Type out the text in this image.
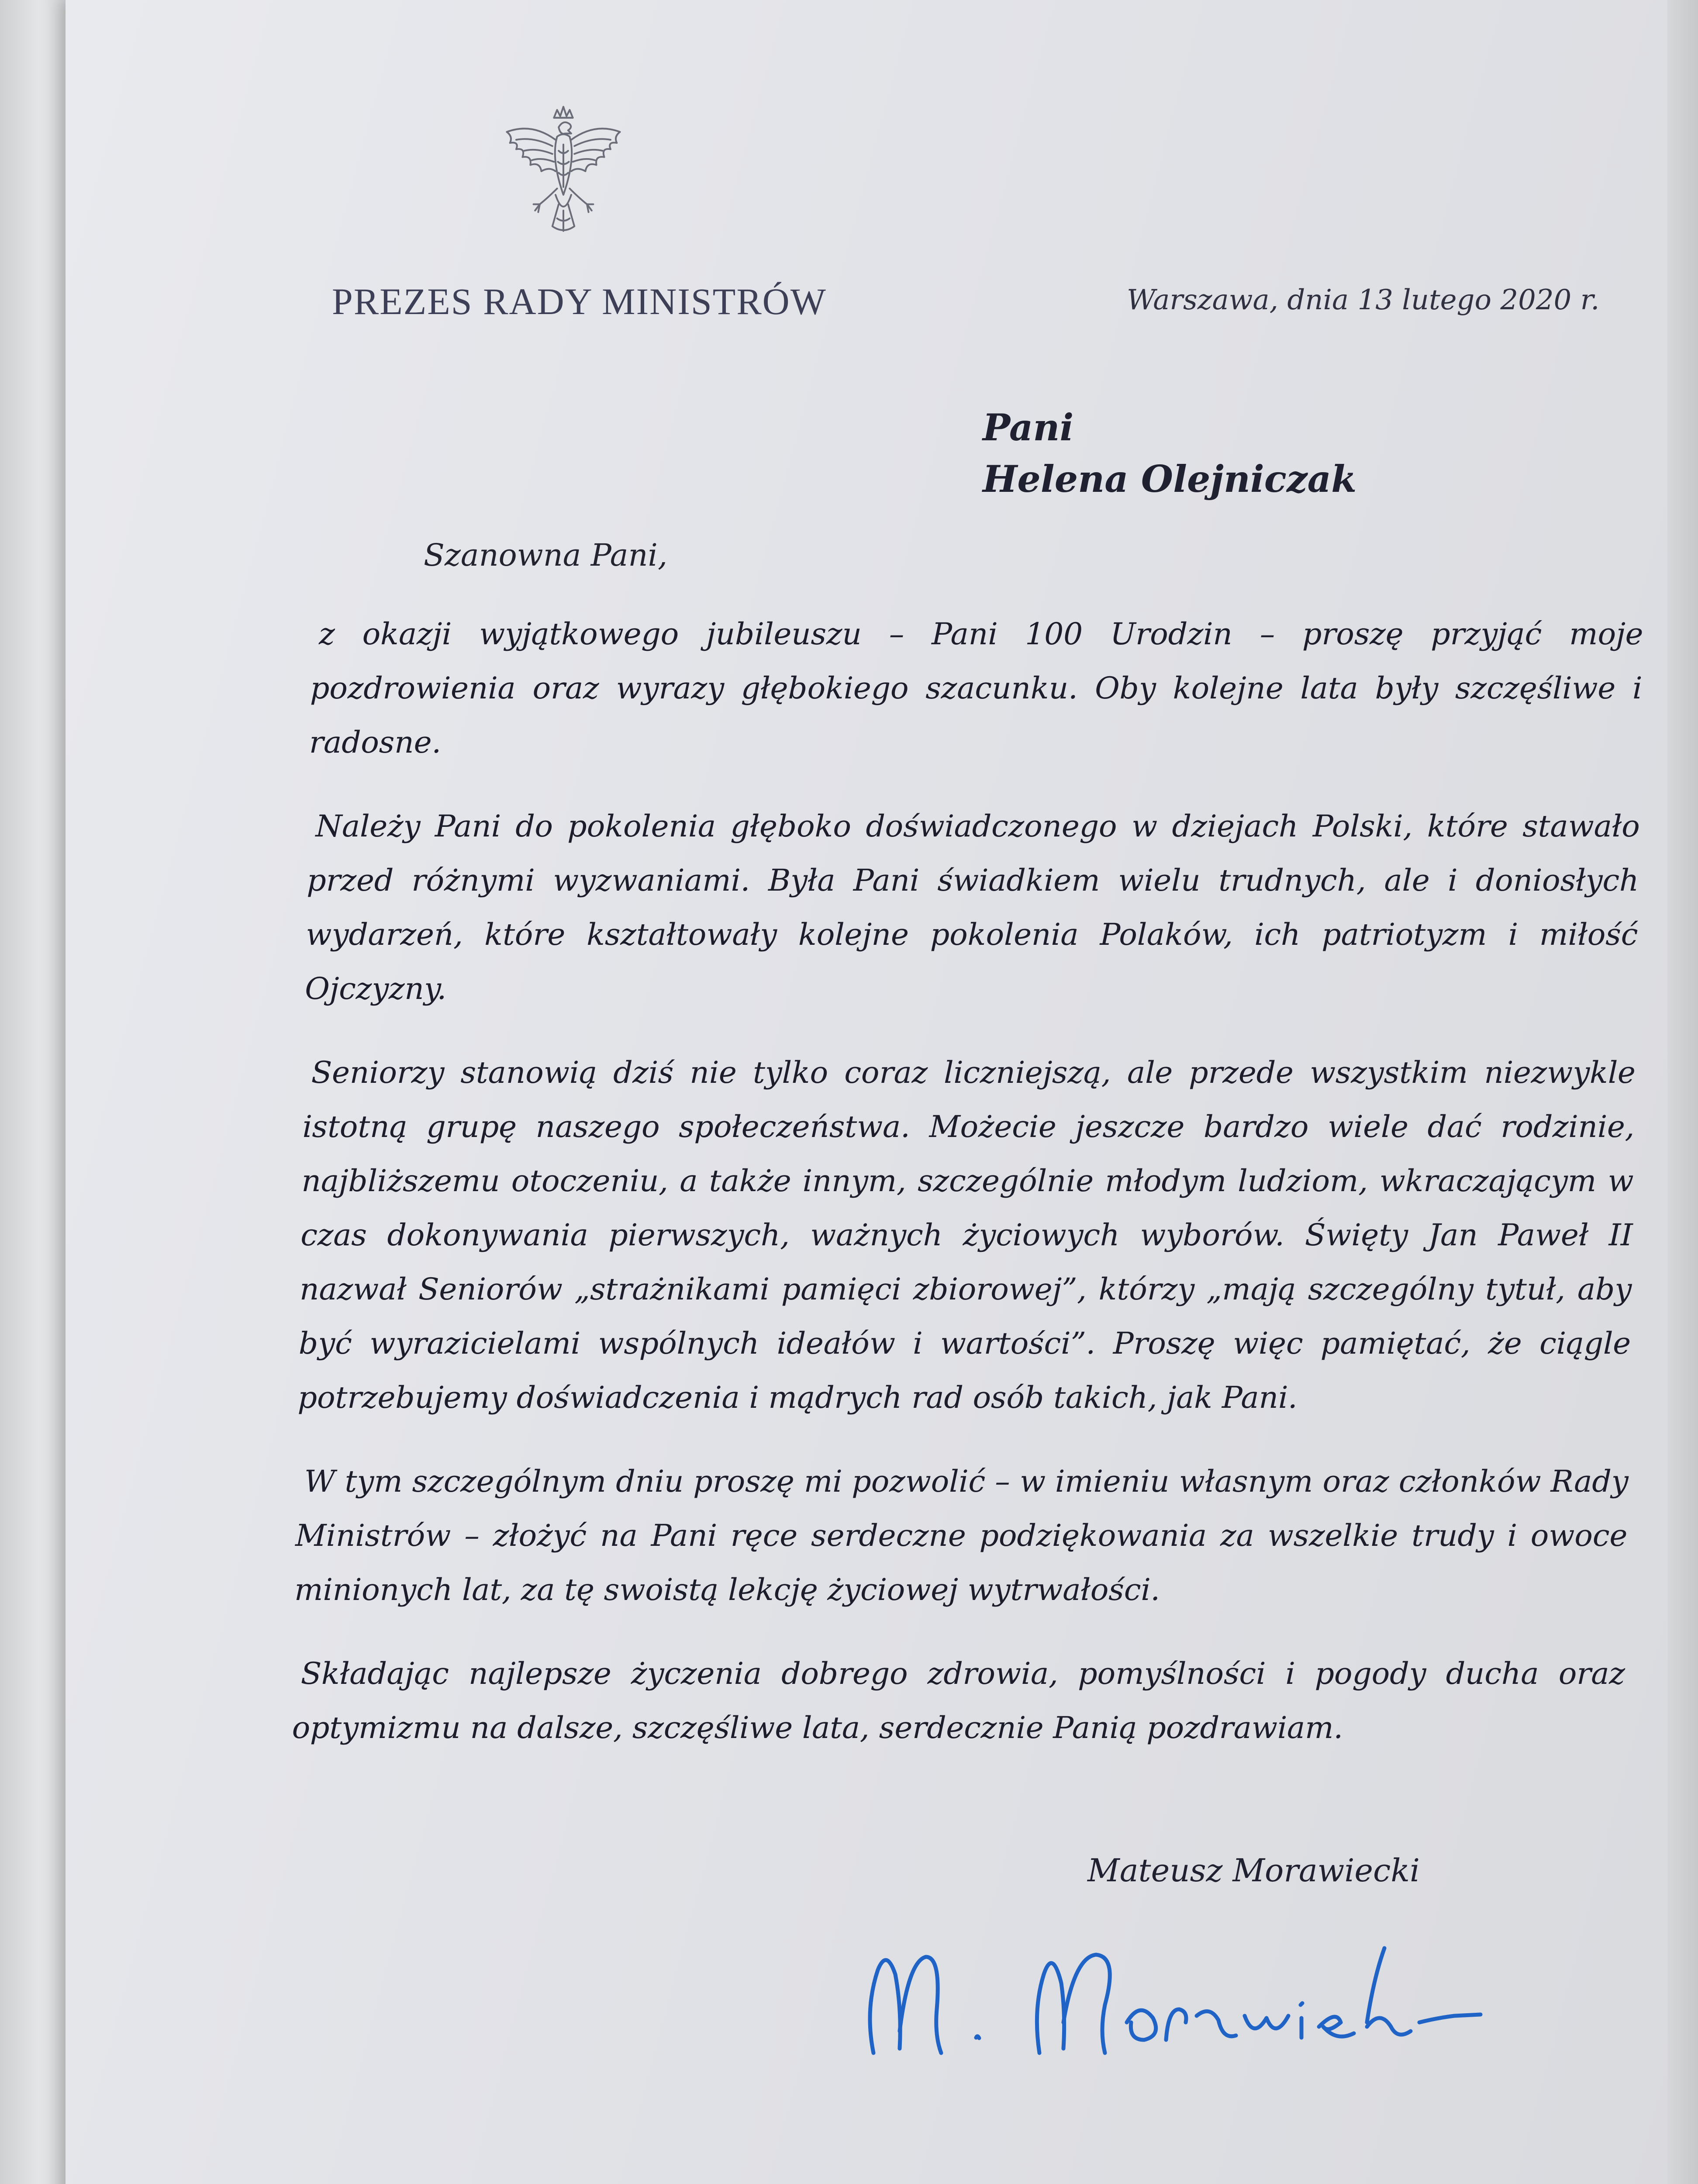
PREZES RADY MINISTRÓW	Warszawa, dnia 13 lutego 2020 r.
Pani
Helena Olejniczak
Szanowna Pani,

z okazji wyjątkowego jubileuszu – Pani 100 Urodzin – proszę przyjąć moje pozdrowienia oraz wyrazy głębokiego szacunku. Oby kolejne lata były szczęśliwe i radosne.

Należy Pani do pokolenia głęboko doświadczonego w dziejach Polski, które stawało przed różnymi wyzwaniami. Była Pani świadkiem wielu trudnych, ale i doniosłych wydarzeń, które kształtowały kolejne pokolenia Polaków, ich patriotyzm i miłość Ojczyzny.

Seniorzy stanowią dziś nie tylko coraz liczniejszą, ale przede wszystkim niezwykle istotną grupę naszego społeczeństwa. Możecie jeszcze bardzo wiele dać rodzinie, najbliższemu otoczeniu, a także innym, szczególnie młodym ludziom, wkraczającym w czas dokonywania pierwszych, ważnych życiowych wyborów. Święty Jan Paweł II nazwał Seniorów „strażnikami pamięci zbiorowej”, którzy „mają szczególny tytuł, aby być wyrazicielami wspólnych ideałów i wartości”. Proszę więc pamiętać, że ciągle potrzebujemy doświadczenia i mądrych rad osób takich, jak Pani.

W tym szczególnym dniu proszę mi pozwolić – w imieniu własnym oraz członków Rady Ministrów – złożyć na Pani ręce serdeczne podziękowania za wszelkie trudy i owoce minionych lat, za tę swoistą lekcję życiowej wytrwałości.

Składając najlepsze życzenia dobrego zdrowia, pomyślności i pogody ducha oraz optymizmu na dalsze, szczęśliwe lata, serdecznie Panią pozdrawiam.

Mateusz Morawiecki
